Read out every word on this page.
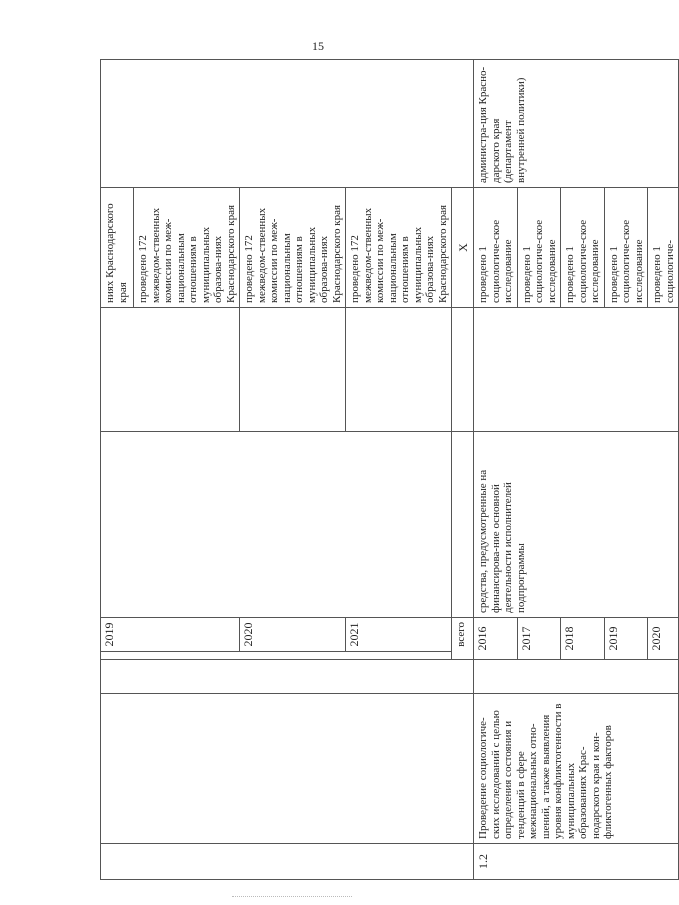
15
				2019			ниях Краснодарского края проведено 172 межведом-ственных комиссии по меж-национальным отношениям в муниципальных образова-ниях Краснодарского края	

				2020			проведено 172 межведом-ственных комиссии по меж-национальным отношениям в муниципальных образова-ниях Краснодарского края	
				2021			проведено 172 межведом-ственных комиссии по меж-национальным отношениям в муниципальных образова-ниях Краснодарского края	
			всего				Х	
1.2	Проведение социологиче-ских исследований с целью определения состояния и тенденций в сфере межнациональных отно-шений, а также выявления уровня конфликтогенности в муниципальных образованиях Крас-нодарского края и кон-фликтогенных факторов		2016		средства, предусмотренные на финансирова-ние основной деятельности исполнителей подпрограммы		проведено 1 социологиче-ское исследование	администра-ция Красно-дарского края (департамент внутренней политики)
			2017				проведено 1 социологиче-ское исследование	
			2018				проведено 1 социологиче-ское исследование	
			2019				проведено 1 социологиче-ское исследование	
			2020				проведено 1 социологиче-	
